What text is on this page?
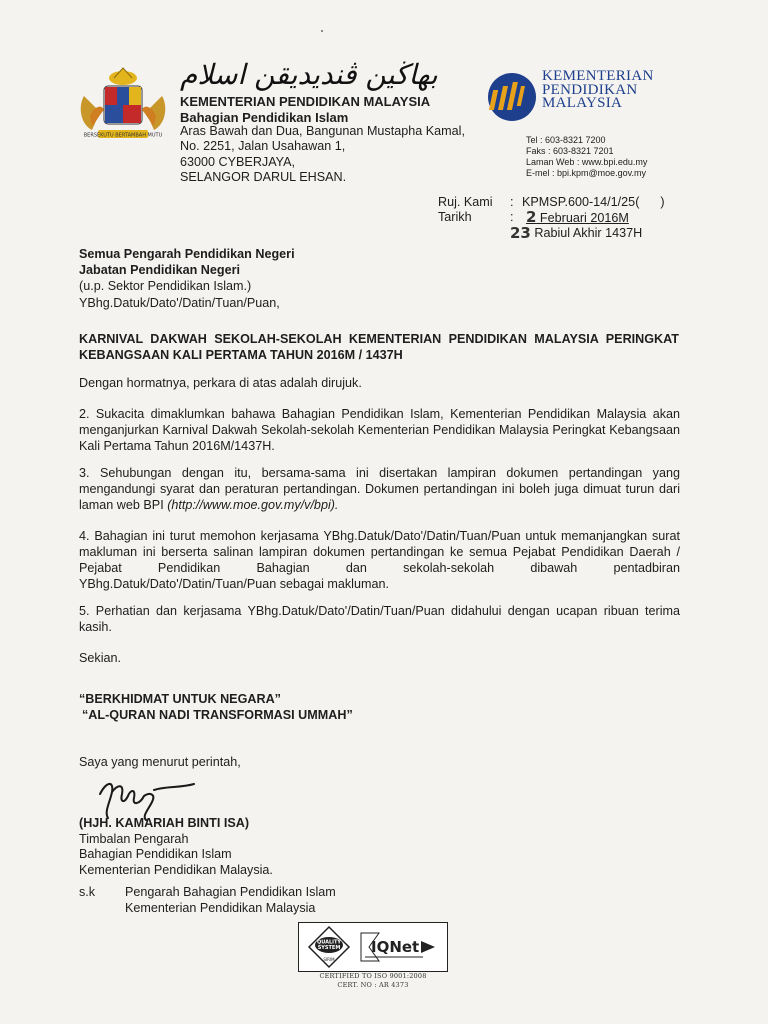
BERSEKUTU BERTAMBAH MUTU
بهاڬين ڤنديديقن اسلام
KEMENTERIAN PENDIDIKAN MALAYSIA
Bahagian Pendidikan Islam
Aras Bawah dan Dua, Bangunan Mustapha Kamal,
No. 2251, Jalan Usahawan 1,
63000 CYBERJAYA,
SELANGOR DARUL EHSAN.
KEMENTERIAN
PENDIDIKAN
MALAYSIA
Tel : 603-8321 7200
Faks : 603-8321 7201
Laman Web : www.bpi.edu.my
E-mel : bpi.kpm@moe.gov.my
Ruj. Kami	: KPMSP.600-14/1/25(      )
Tarikh	: 2 Februari 2016M
23 Rabiul Akhir 1437H
Semua Pengarah Pendidikan Negeri
Jabatan Pendidikan Negeri
(u.p. Sektor Pendidikan Islam.)
YBhg.Datuk/Dato'/Datin/Tuan/Puan,
KARNIVAL DAKWAH SEKOLAH-SEKOLAH KEMENTERIAN PENDIDIKAN MALAYSIA PERINGKAT KEBANGSAAN KALI PERTAMA TAHUN 2016M / 1437H
Dengan hormatnya, perkara di atas adalah dirujuk.
2. Sukacita dimaklumkan bahawa Bahagian Pendidikan Islam, Kementerian Pendidikan Malaysia akan menganjurkan Karnival Dakwah Sekolah-sekolah Kementerian Pendidikan Malaysia Peringkat Kebangsaan Kali Pertama Tahun 2016M/1437H.
3. Sehubungan dengan itu, bersama-sama ini disertakan lampiran dokumen pertandingan yang mengandungi syarat dan peraturan pertandingan. Dokumen pertandingan ini boleh juga dimuat turun dari laman web BPI (http://www.moe.gov.my/v/bpi).
4. Bahagian ini turut memohon kerjasama YBhg.Datuk/Dato'/Datin/Tuan/Puan untuk memanjangkan surat makluman ini berserta salinan lampiran dokumen pertandingan ke semua Pejabat Pendidikan Daerah / Pejabat Pendidikan Bahagian dan sekolah-sekolah dibawah pentadbiran YBhg.Datuk/Dato'/Datin/Tuan/Puan sebagai makluman.
5. Perhatian dan kerjasama YBhg.Datuk/Dato'/Datin/Tuan/Puan didahului dengan ucapan ribuan terima kasih.
Sekian.
“BERKHIDMAT UNTUK NEGARA”
“AL-QURAN NADI TRANSFORMASI UMMAH”
Saya yang menurut perintah,
(HJH. KAMARIAH BINTI ISA)
Timbalan Pengarah
Bahagian Pendidikan Islam
Kementerian Pendidikan Malaysia.
s.k	Pengarah Bahagian Pendidikan Islam
Kementerian Pendidikan Malaysia
QUALITY
SYSTEM
SIRIM
IQNet
CERTIFIED TO ISO 9001:2008
CERT. NO : AR 4373
